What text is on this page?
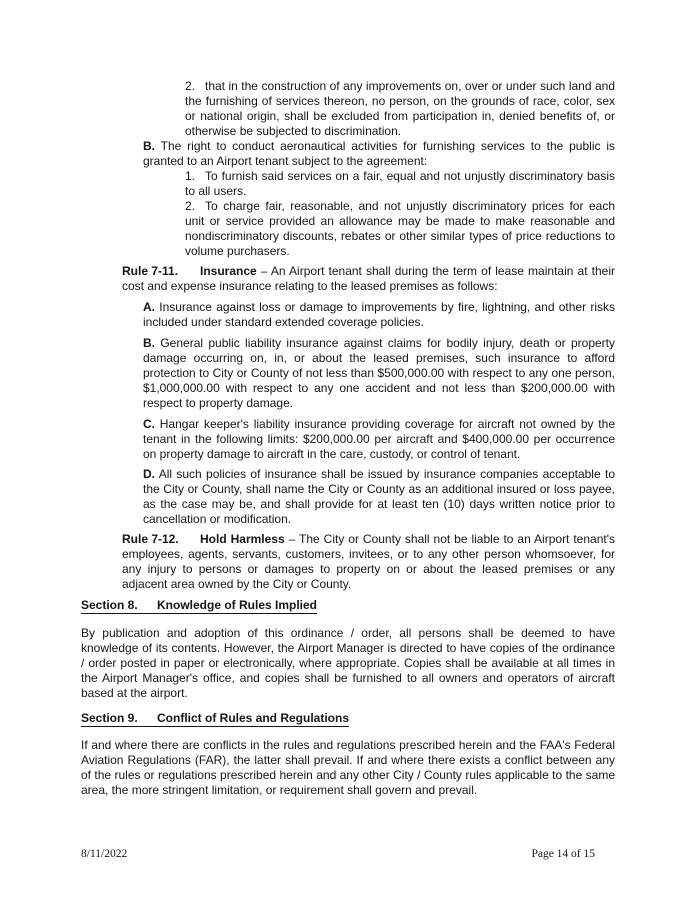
2. that in the construction of any improvements on, over or under such land and the furnishing of services thereon, no person, on the grounds of race, color, sex or national origin, shall be excluded from participation in, denied benefits of, or otherwise be subjected to discrimination.

B. The right to conduct aeronautical activities for furnishing services to the public is granted to an Airport tenant subject to the agreement:

1. To furnish said services on a fair, equal and not unjustly discriminatory basis to all users.

2. To charge fair, reasonable, and not unjustly discriminatory prices for each unit or service provided an allowance may be made to make reasonable and nondiscriminatory discounts, rebates or other similar types of price reductions to volume purchasers.

Rule 7-11. Insurance – An Airport tenant shall during the term of lease maintain at their cost and expense insurance relating to the leased premises as follows:

A. Insurance against loss or damage to improvements by fire, lightning, and other risks included under standard extended coverage policies.

B. General public liability insurance against claims for bodily injury, death or property damage occurring on, in, or about the leased premises, such insurance to afford protection to City or County of not less than $500,000.00 with respect to any one person, $1,000,000.00 with respect to any one accident and not less than $200,000.00 with respect to property damage.

C. Hangar keeper's liability insurance providing coverage for aircraft not owned by the tenant in the following limits: $200,000.00 per aircraft and $400,000.00 per occurrence on property damage to aircraft in the care, custody, or control of tenant.

D. All such policies of insurance shall be issued by insurance companies acceptable to the City or County, shall name the City or County as an additional insured or loss payee, as the case may be, and shall provide for at least ten (10) days written notice prior to cancellation or modification.

Rule 7-12. Hold Harmless – The City or County shall not be liable to an Airport tenant's employees, agents, servants, customers, invitees, or to any other person whomsoever, for any injury to persons or damages to property on or about the leased premises or any adjacent area owned by the City or County.

Section 8. Knowledge of Rules Implied

By publication and adoption of this ordinance / order, all persons shall be deemed to have knowledge of its contents. However, the Airport Manager is directed to have copies of the ordinance / order posted in paper or electronically, where appropriate. Copies shall be available at all times in the Airport Manager's office, and copies shall be furnished to all owners and operators of aircraft based at the airport.

Section 9. Conflict of Rules and Regulations

If and where there are conflicts in the rules and regulations prescribed herein and the FAA's Federal Aviation Regulations (FAR), the latter shall prevail. If and where there exists a conflict between any of the rules or regulations prescribed herein and any other City / County rules applicable to the same area, the more stringent limitation, or requirement shall govern and prevail.

8/11/2022	Page 14 of 15
